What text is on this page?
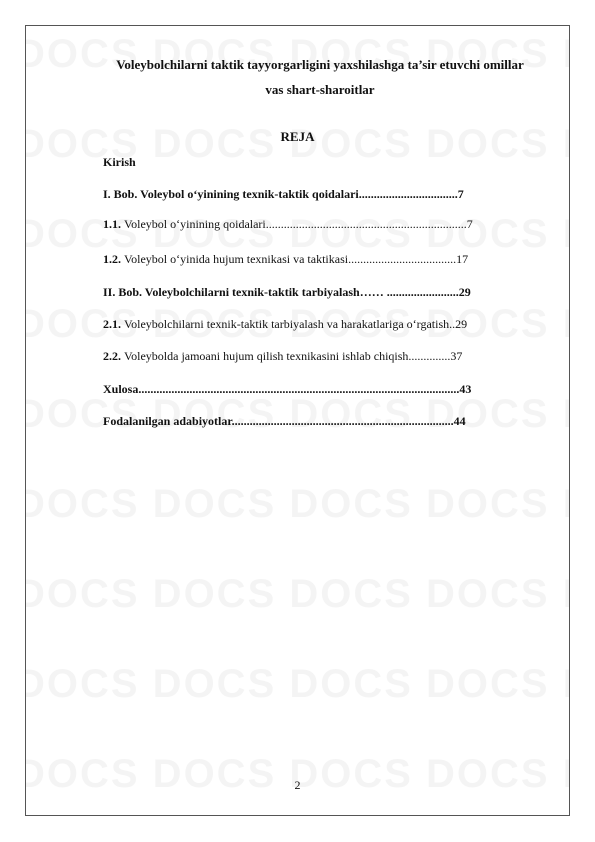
Voleybolchilarni taktik tayyorgarligini yaxshilashga ta’sir etuvchi omillar
vas shart-sharoitlar
REJA
Kirish
I. Bob. Voleybol o‘yinining texnik-taktik qoidalari.................................7
1.1. Voleybol o‘yinining qoidalari...................................................................7
1.2. Voleybol o‘yinida hujum texnikasi va taktikasi....................................17
II. Bob. Voleybolchilarni texnik-taktik tarbiyalash…… ........................29
2.1. Voleybolchilarni texnik-taktik tarbiyalash va harakatlariga o‘rgatish..29
2.2. Voleybolda jamoani hujum qilish texnikasini ishlab chiqish..............37
Xulosa...........................................................................................................43
Fodalanilgan adabiyotlar..........................................................................44
2
